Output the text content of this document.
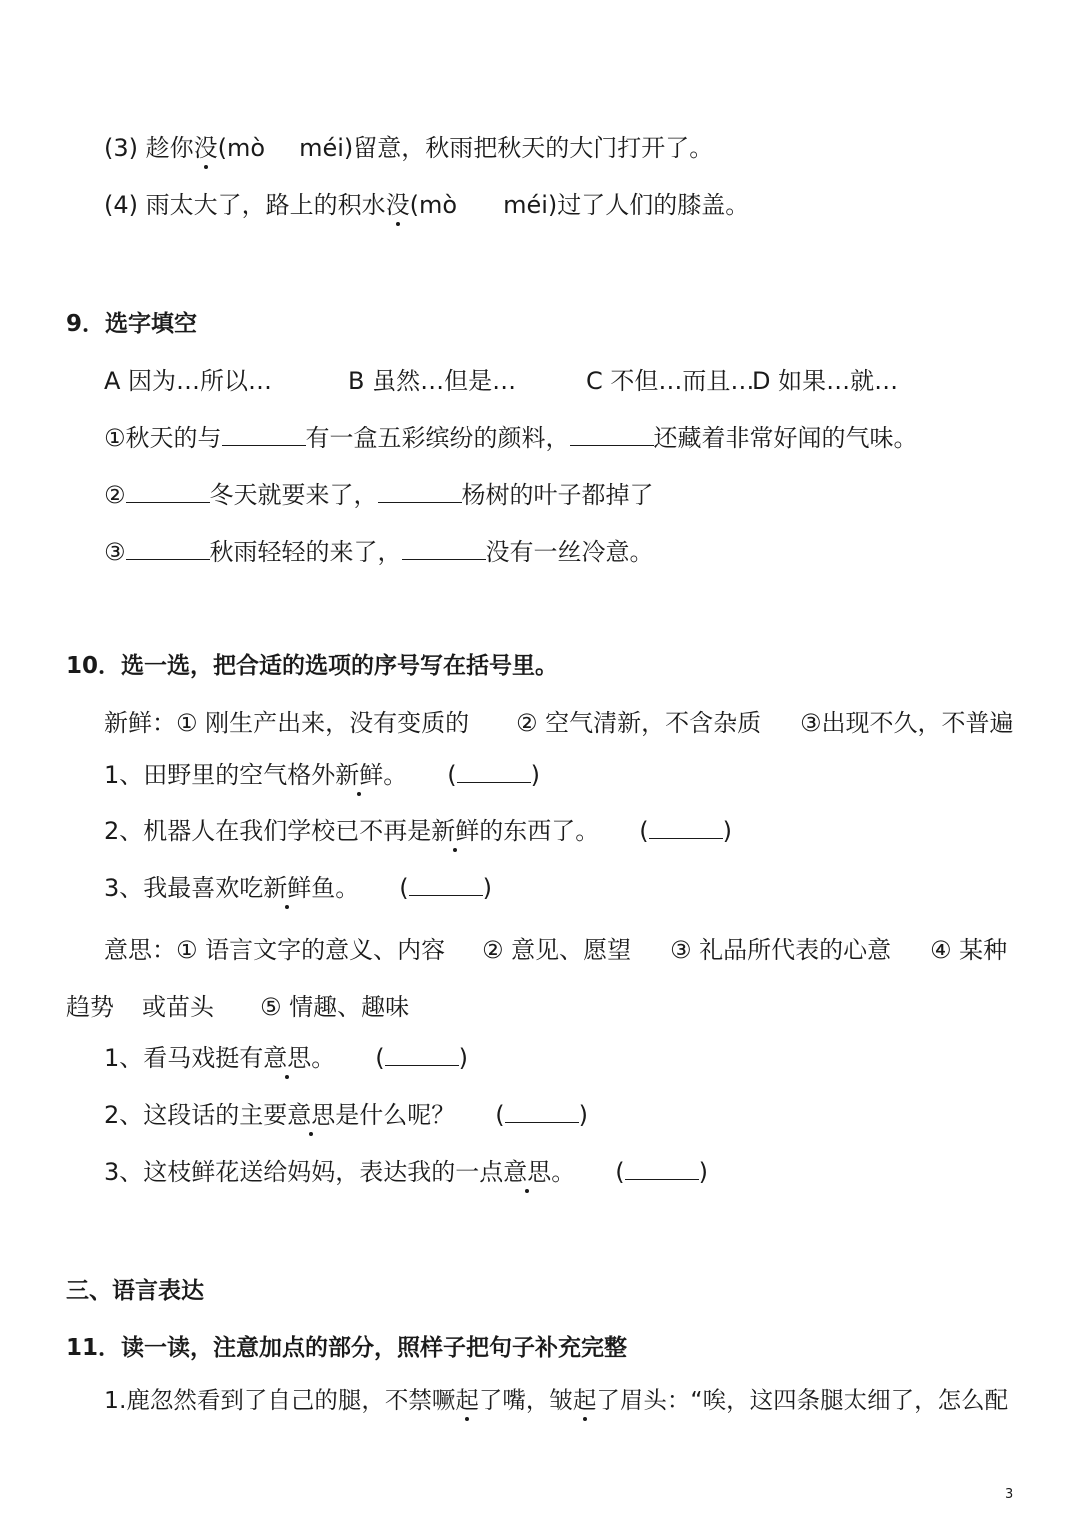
(3) 趁你没(mò méi)留意，秋雨把秋天的大门打开了。
(4) 雨太大了，路上的积水没(mò méi)过了人们的膝盖。
9．选字填空
A 因为…所以…	B 虽然…但是…	C 不但…而且…
D 如果…就…
①秋天的与	有一盒五彩缤纷的颜料，	还藏着非常好闻的气味。
②	冬天就要来了，	杨树的叶子都掉了
③	秋雨轻轻的来了，	没有一丝冷意。
10．选一选，把合适的选项的序号写在括号里。
新鲜：① 刚生产出来，没有变质的 ② 空气清新，不含杂质 ③出现不久，不普遍
1、田野里的空气格外新鲜。 (	)
2、机器人在我们学校已不再是新鲜的东西了。 (	)
3、我最喜欢吃新鲜鱼。 (	)
意思：① 语言文字的意义、内容 ② 意见、愿望 ③ 礼品所代表的心意 ④ 某种
趋势 或苗头 ⑤ 情趣、趣味
1、看马戏挺有意思。 (	)
2、这段话的主要意思是什么呢？ (	)
3、这枝鲜花送给妈妈，表达我的一点意思。 (	)
三、语言表达
11．读一读，注意加点的部分，照样子把句子补充完整
1.鹿忽然看到了自己的腿，不禁噘起了嘴，皱起了眉头：“唉，这四条腿太细了，怎么配
3
